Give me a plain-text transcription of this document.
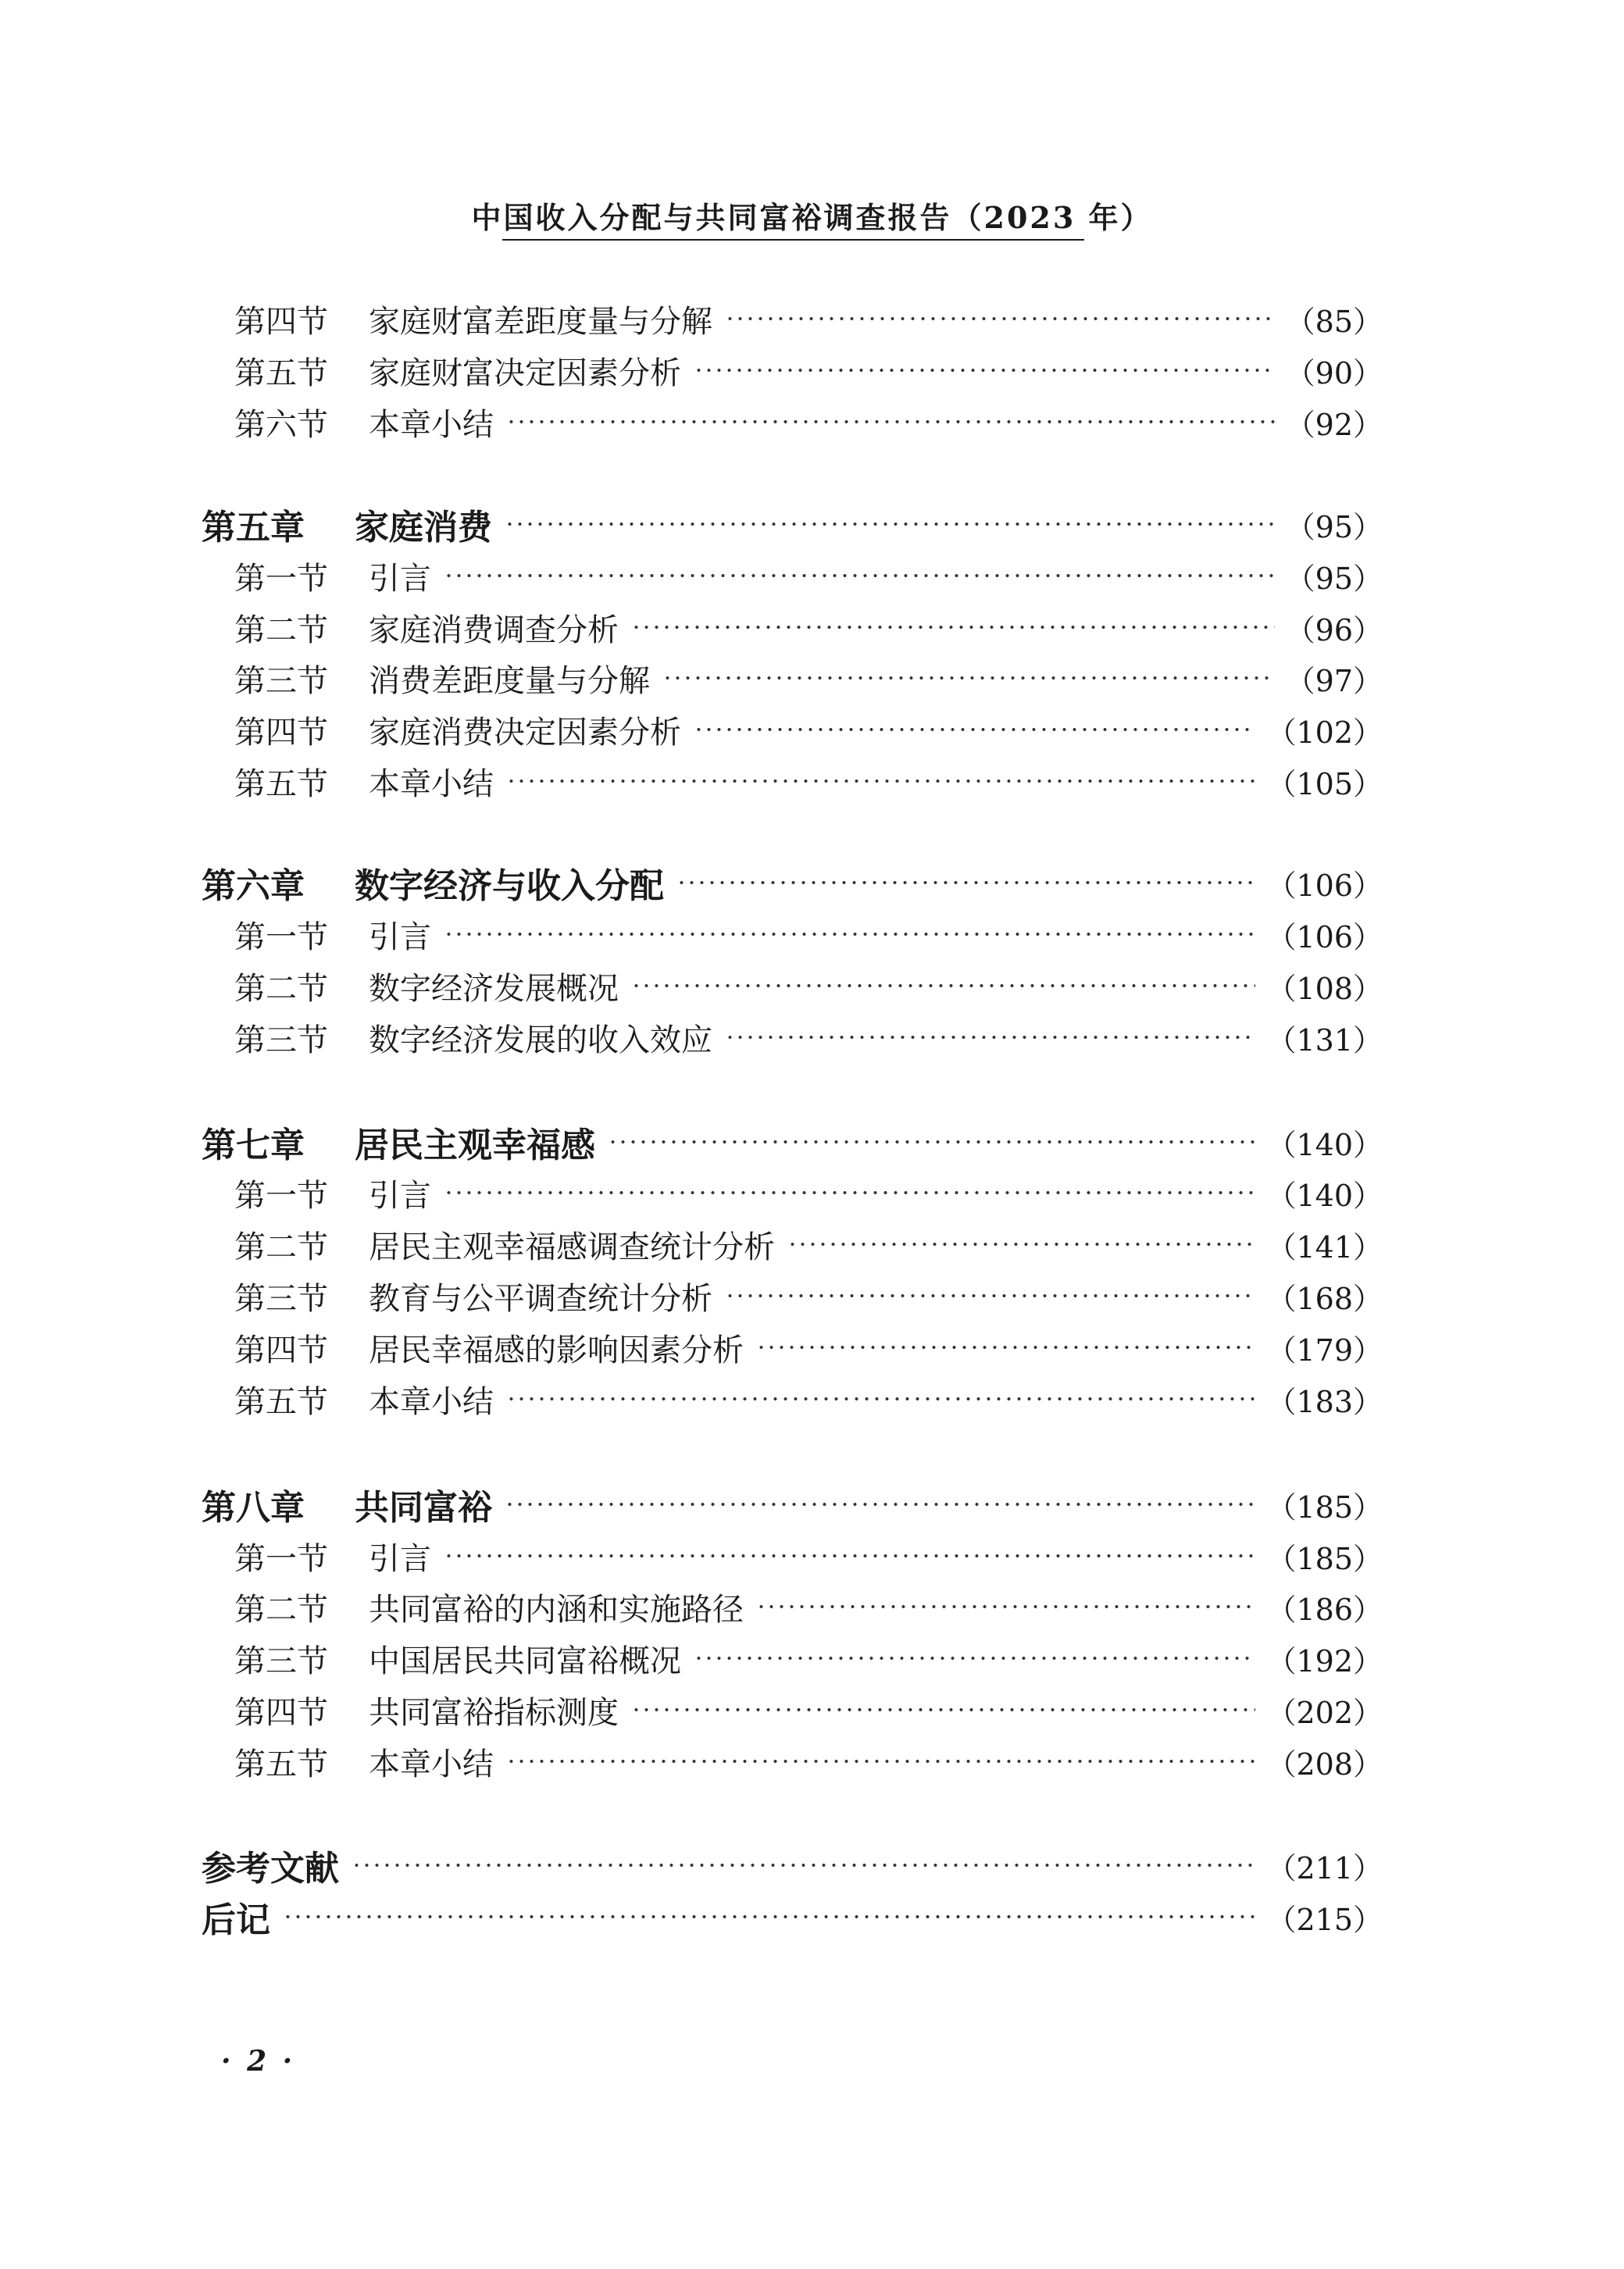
中国收入分配与共同富裕调查报告（2023 年）
第四节	家庭财富差距度量与分解	（85）
第五节	家庭财富决定因素分析	（90）
第六节	本章小结	（92）
第五章	家庭消费	（95）
第一节	引言	（95）
第二节	家庭消费调查分析	（96）
第三节	消费差距度量与分解	（97）
第四节	家庭消费决定因素分析	（102）
第五节	本章小结	（105）
第六章	数字经济与收入分配	（106）
第一节	引言	（106）
第二节	数字经济发展概况	（108）
第三节	数字经济发展的收入效应	（131）
第七章	居民主观幸福感	（140）
第一节	引言	（140）
第二节	居民主观幸福感调查统计分析	（141）
第三节	教育与公平调查统计分析	（168）
第四节	居民幸福感的影响因素分析	（179）
第五节	本章小结	（183）
第八章	共同富裕	（185）
第一节	引言	（185）
第二节	共同富裕的内涵和实施路径	（186）
第三节	中国居民共同富裕概况	（192）
第四节	共同富裕指标测度	（202）
第五节	本章小结	（208）
参考文献	（211）
后记	（215）
· 2 ·
